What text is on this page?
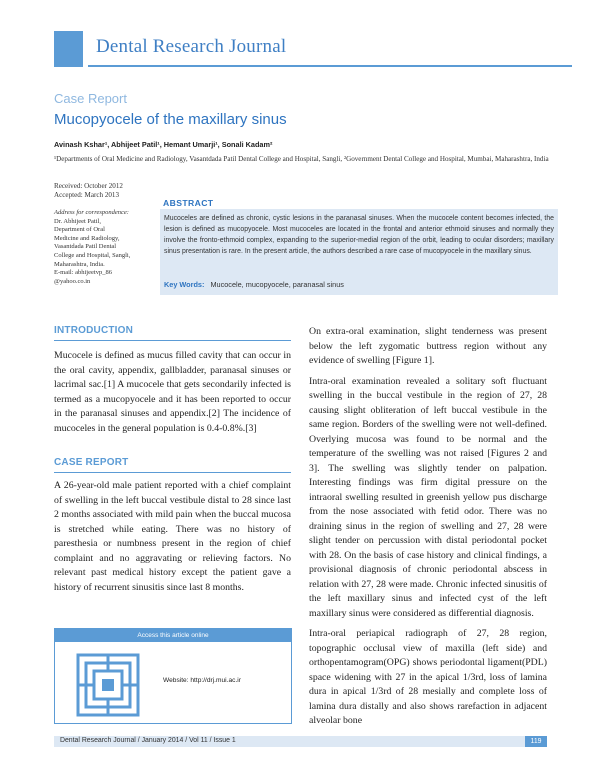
Dental Research Journal
Case Report
Mucopyocele of the maxillary sinus
Avinash Kshar¹, Abhijeet Patil¹, Hemant Umarji¹, Sonali Kadam²
¹Departments of Oral Medicine and Radiology, Vasantdada Patil Dental College and Hospital, Sangli, ²Government Dental College and Hospital, Mumbai, Maharashtra, India
Received: October 2012
Accepted: March 2013
Address for correspondence:
Dr. Abhijeet Patil,
Department of Oral
Medicine and Radiology,
Vasantdada Patil Dental
College and Hospital, Sangli,
Maharashtra, India.
E-mail: abhijeetvp_86
@yahoo.co.in
ABSTRACT
Mucoceles are defined as chronic, cystic lesions in the paranasal sinuses. When the mucocele content becomes infected, the lesion is defined as mucopyocele. Most mucoceles are located in the frontal and anterior ethmoid sinuses and normally they involve the fronto-ethmoid complex, expanding to the superior-medial region of the orbit, leading to ocular disorders; maxillary sinus presentation is rare. In the present article, the authors described a rare case of mucopyocele in the maxillary sinus.
Key Words: Mucocele, mucopyocele, paranasal sinus
INTRODUCTION
Mucocele is defined as mucus filled cavity that can occur in the oral cavity, appendix, gallbladder, paranasal sinuses or lacrimal sac.[1] A mucocele that gets secondarily infected is termed as a mucopyocele and it has been reported to occur in the paranasal sinuses and appendix.[2] The incidence of mucoceles in the general population is 0.4-0.8%.[3]
CASE REPORT
A 26-year-old male patient reported with a chief complaint of swelling in the left buccal vestibule distal to 28 since last 2 months associated with mild pain when the buccal mucosa is stretched while eating. There was no history of paresthesia or numbness present in the region of chief complaint and no aggravating or relieving factors. No relevant past medical history except the patient gave a history of recurrent sinusitis since last 8 months.
Access this article online
Website: http://drj.mui.ac.ir
On extra-oral examination, slight tenderness was present below the left zygomatic buttress region without any evidence of swelling [Figure 1].
Intra-oral examination revealed a solitary soft fluctuant swelling in the buccal vestibule in the region of 27, 28 causing slight obliteration of left buccal vestibule in the same region. Borders of the swelling were not well-defined. Overlying mucosa was found to be normal and the temperature of the swelling was not raised [Figures 2 and 3]. The swelling was slightly tender on palpation. Interesting findings was firm digital pressure on the intraoral swelling resulted in greenish yellow pus discharge from the nose associated with fetid odor. There was no draining sinus in the region of swelling and 27, 28 were slight tender on percussion with distal periodontal pocket with 28. On the basis of case history and clinical findings, a provisional diagnosis of chronic periodontal abscess in relation with 27, 28 were made. Chronic infected sinusitis of the left maxillary sinus and infected cyst of the left maxillary sinus were considered as differential diagnosis.
Intra-oral periapical radiograph of 27, 28 region, topographic occlusal view of maxilla (left side) and orthopentamogram(OPG) shows periodontal ligament(PDL) space widening with 27 in the apical 1/3rd, loss of lamina dura in apical 1/3rd of 28 mesially and complete loss of lamina dura distally and also shows rarefaction in adjacent alveolar bone
Dental Research Journal / January 2014 / Vol 11 / Issue 1	119
